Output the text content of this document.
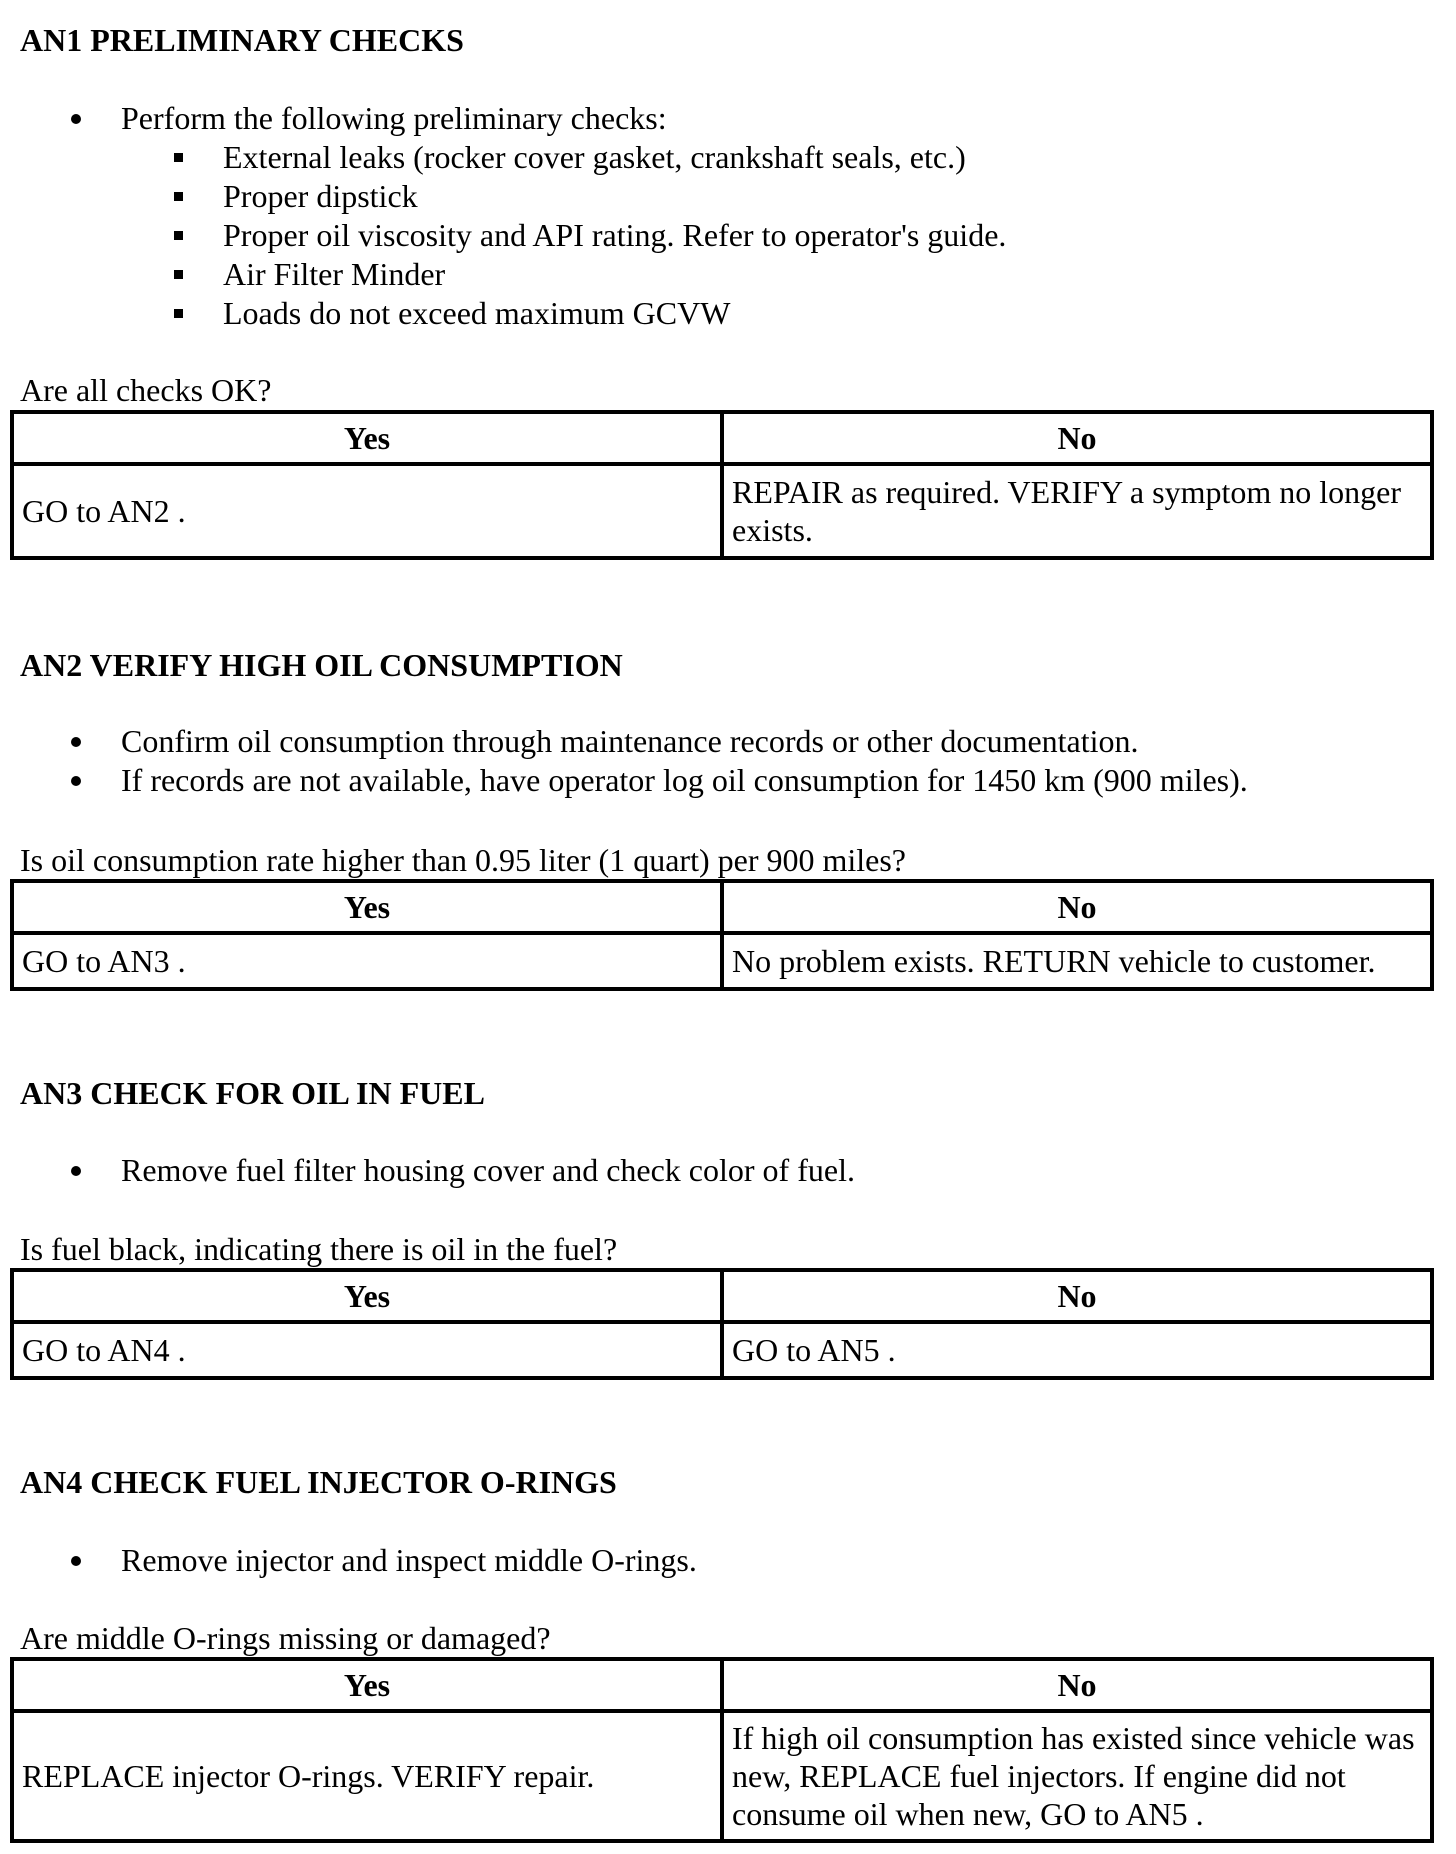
AN1 PRELIMINARY CHECKS
Perform the following preliminary checks:
External leaks (rocker cover gasket, crankshaft seals, etc.)
Proper dipstick
Proper oil viscosity and API rating. Refer to operator's guide.
Air Filter Minder
Loads do not exceed maximum GCVW
Are all checks OK?
Yes	No
GO to AN2 .	REPAIR as required. VERIFY a symptom no longer exists.
AN2 VERIFY HIGH OIL CONSUMPTION
Confirm oil consumption through maintenance records or other documentation.
If records are not available, have operator log oil consumption for 1450 km (900 miles).
Is oil consumption rate higher than 0.95 liter (1 quart) per 900 miles?
Yes	No
GO to AN3 .	No problem exists. RETURN vehicle to customer.
AN3 CHECK FOR OIL IN FUEL
Remove fuel filter housing cover and check color of fuel.
Is fuel black, indicating there is oil in the fuel?
Yes	No
GO to AN4 .	GO to AN5 .
AN4 CHECK FUEL INJECTOR O-RINGS
Remove injector and inspect middle O-rings.
Are middle O-rings missing or damaged?
Yes	No
REPLACE injector O-rings. VERIFY repair.	If high oil consumption has existed since vehicle was new, REPLACE fuel injectors. If engine did not consume oil when new, GO to AN5 .
